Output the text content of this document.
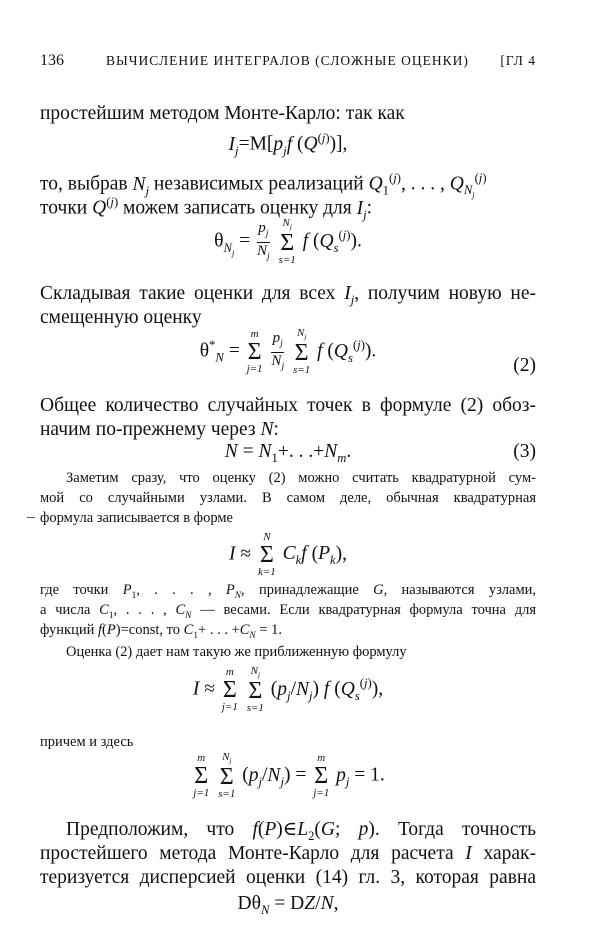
136	ВЫЧИСЛЕНИЕ ИНТЕГРАЛОВ (СЛОЖНЫЕ ОЦЕНКИ) [ГЛ 4
простейшим методом Монте-Карло: так как
$I_j=M[p_jf$ $(Q^{(j)})$],
то, выбрав $N_j$ независимых реализаций $Q_1^{(j)}$, . . . , $Q_{N_j}^{(j)}$
точки $Q^{(j)}$ можем записать оценку для $I_j$:
$\theta_{N_j} = \frac{p_j}{N_j}$
	$N_j$
Σ
s=1
f $(Q_s^{(j)})$.
Складывая такие оценки для всех $I_j$, получим новую не-
смещенную оценку
$\theta^*_N$ =
m
Σ
j=1
$\frac{p_j}{N_j}$
	$N_j$
Σ
s=1
f $(Q_s^{(j)})$.
(2)
Общее количество случайных точек в формуле (2) обоз-
начим по-прежнему через N:
$N = N_1+$. . $.+N_m$.	(3)
Заметим сразу, что оценку (2) можно считать квадратурной сум-
мой со случайными узлами. В самом деле, обычная квадратурная
формула записывается в форме
I ≈
N
Σ
k=1
$C_kf$ $(P_k)$,
где точки $P_1$, . . . , $P_N$, принадлежащие G, называются узлами,
а числа $C_1$, . . . , $C_N$ — весами. Если квадратурная формула точна для
функций f(P)=const, то $C_1+$ . . . $+C_N = 1$.
Оценка (2) дает нам такую же приближенную формулу
I ≈
m
Σ
j=1

$N_j$
Σ
s=1
$(p_j/N_j)$ f $(Q_s^{(j)})$,
причем и здесь
m
Σ
j=1

$N_j$
Σ
s=1
$(p_j/N_j)$ =
m
Σ
j=1
$p_j = 1$.
Предположим, что $f(P)\in L_2(G$; p). Тогда точность
простейшего метода Монте-Карло для расчета I харак-
теризуется дисперсией оценки (14) гл. 3, которая равна
$D\theta_N = DZ/N$,
